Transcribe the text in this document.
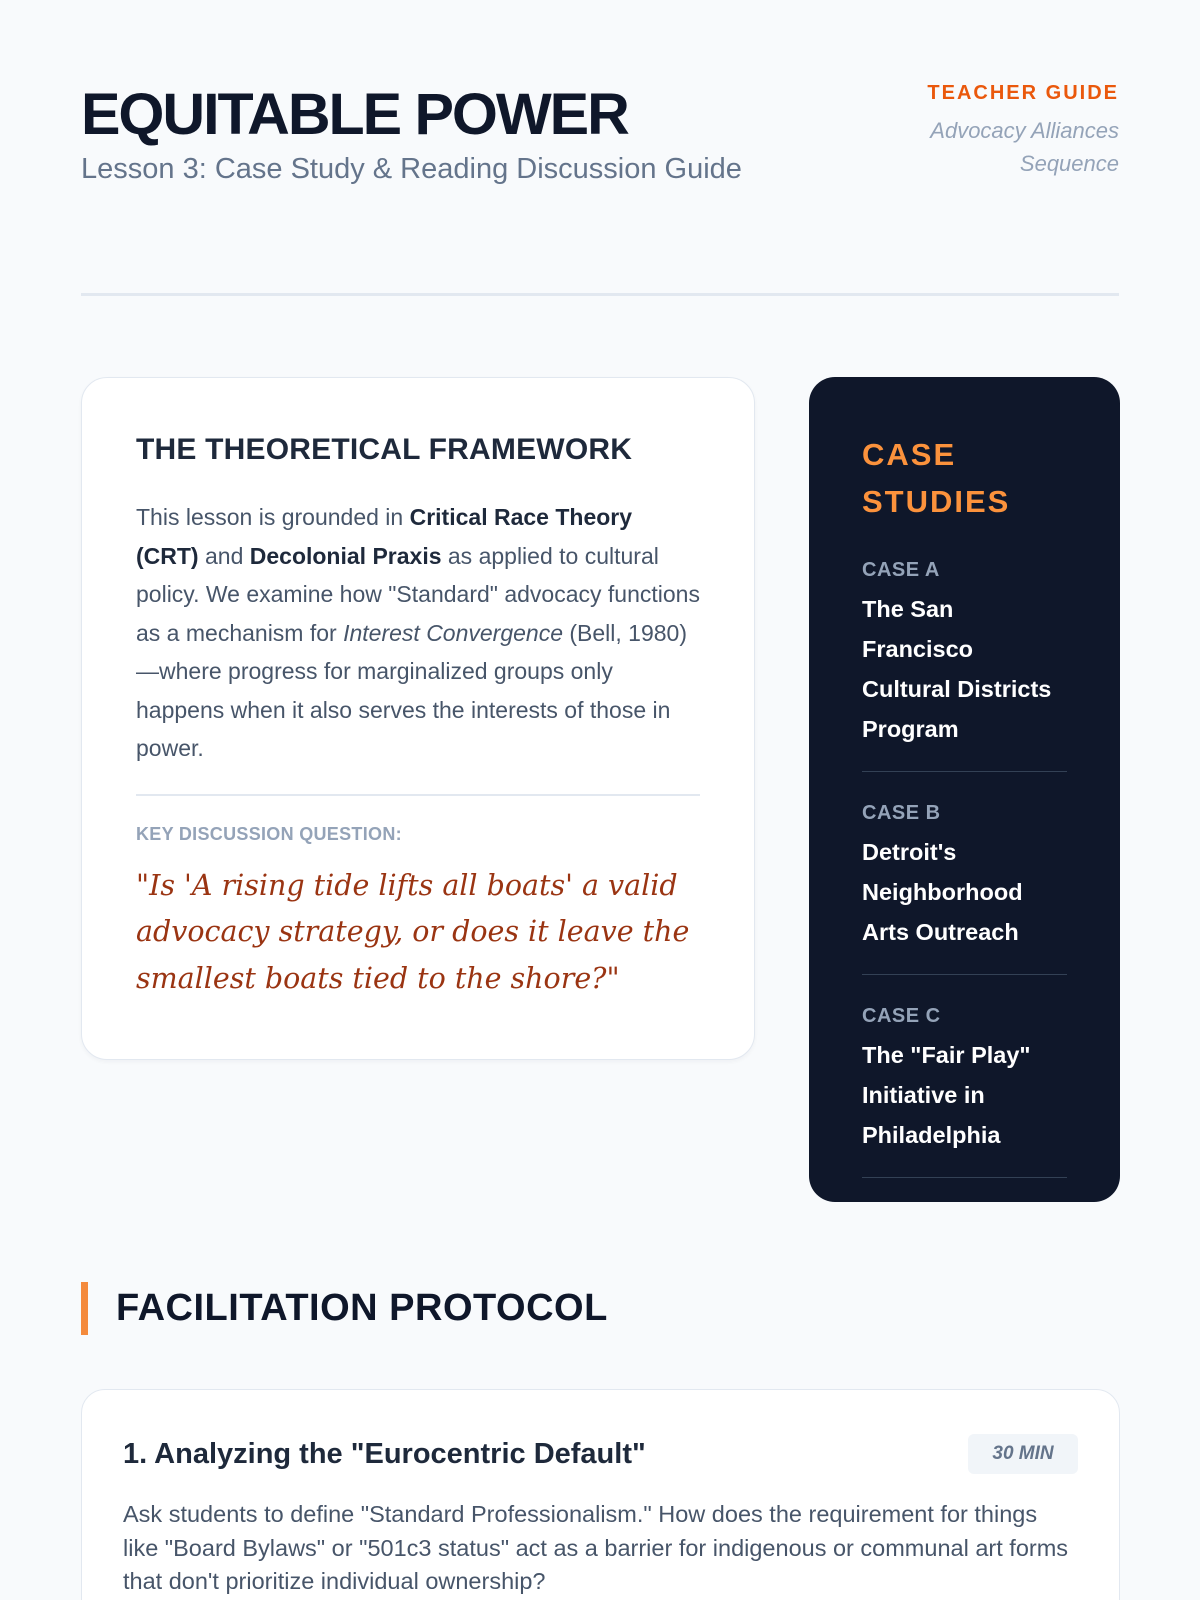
EQUITABLE POWER
Lesson 3: Case Study & Reading Discussion Guide
TEACHER GUIDE
Advocacy Alliances Sequence
THE THEORETICAL FRAMEWORK

This lesson is grounded in Critical Race Theory (CRT) and Decolonial Praxis as applied to cultural policy. We examine how "Standard" advocacy functions as a mechanism for Interest Convergence (Bell, 1980)—where progress for marginalized groups only happens when it also serves the interests of those in power.

KEY DISCUSSION QUESTION:
"Is 'A rising tide lifts all boats' a valid advocacy strategy, or does it leave the smallest boats tied to the shore?"
CASE STUDIES
CASE A
The San Francisco Cultural Districts Program
CASE B
Detroit's Neighborhood Arts Outreach
CASE C
The "Fair Play" Initiative in Philadelphia
FACILITATION PROTOCOL
1. Analyzing the "Eurocentric Default"	30 MIN

Ask students to define "Standard Professionalism." How does the requirement for things like "Board Bylaws" or "501c3 status" act as a barrier for indigenous or communal art forms that don't prioritize individual ownership?
